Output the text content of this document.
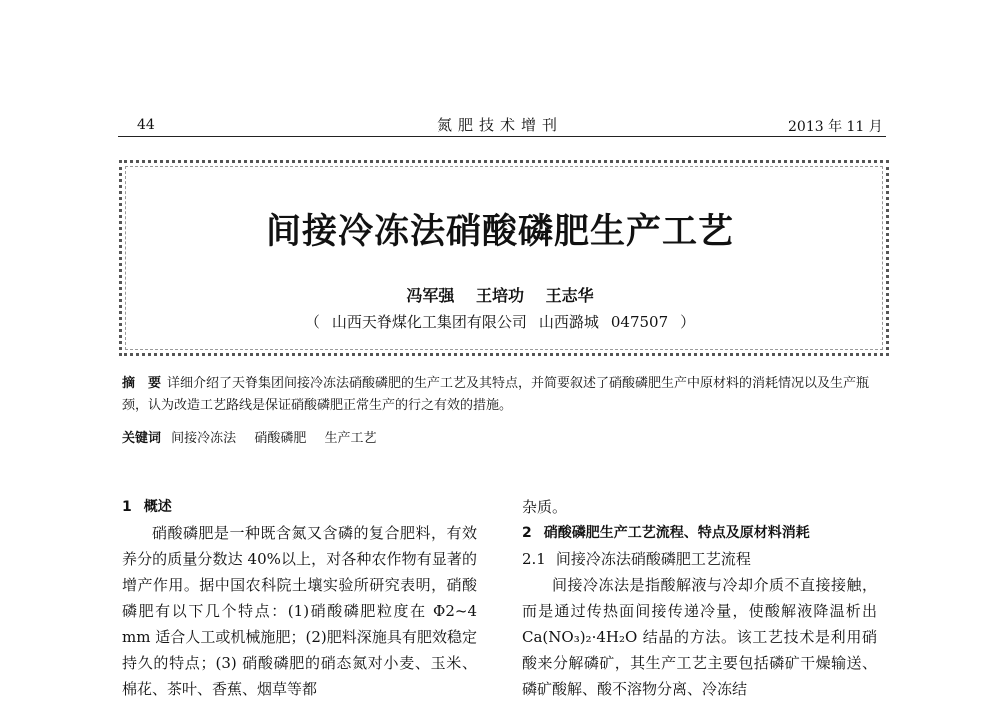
44	氮肥技术增刊	2013 年 11 月
间接冷冻法硝酸磷肥生产工艺
冯军强 王培功 王志华
（ 山西天脊煤化工集团有限公司 山西潞城 047507 ）
摘　要 详细介绍了天脊集团间接冷冻法硝酸磷肥的生产工艺及其特点，并简要叙述了硝酸磷肥生产中原材料的消耗情况以及生产瓶颈，认为改造工艺路线是保证硝酸磷肥正常生产的行之有效的措施。
关键词 间接冷冻法 硝酸磷肥 生产工艺
1 概述

硝酸磷肥是一种既含氮又含磷的复合肥料，有效养分的质量分数达 40%以上，对各种农作物有显著的增产作用。据中国农科院土壤实验所研究表明，硝酸磷肥有以下几个特点：(1)硝酸磷肥粒度在 Φ2~4 mm 适合人工或机械施肥；(2)肥料深施具有肥效稳定持久的特点；(3) 硝酸磷肥的硝态氮对小麦、玉米、棉花、茶叶、香蕉、烟草等都

杂质。

2 硝酸磷肥生产工艺流程、特点及原材料消耗
2.1 间接冷冻法硝酸磷肥工艺流程

间接冷冻法是指酸解液与冷却介质不直接接触，而是通过传热面间接传递冷量，使酸解液降温析出 Ca(NO₃)₂·4H₂O 结晶的方法。该工艺技术是利用硝酸来分解磷矿，其生产工艺主要包括磷矿干燥输送、磷矿酸解、酸不溶物分离、冷冻结
